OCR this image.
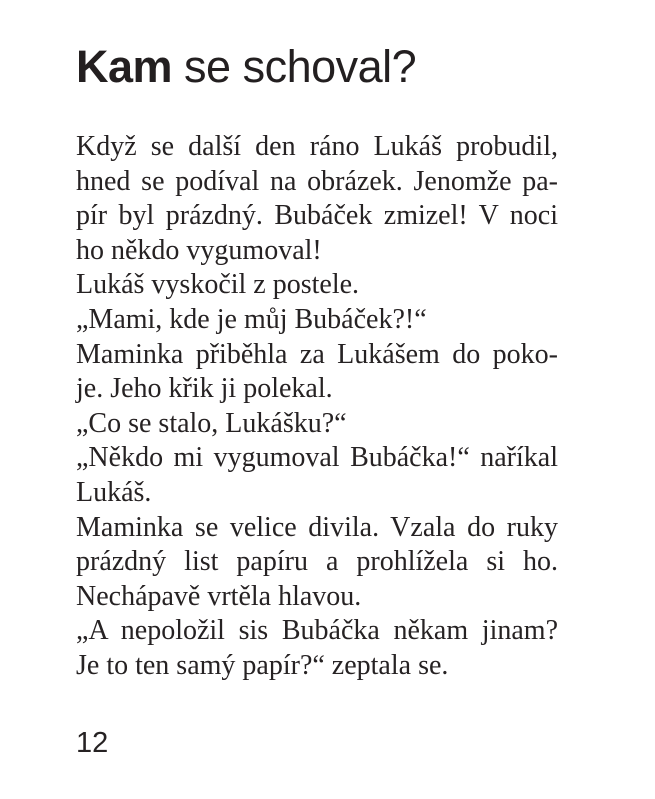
Kam se schoval?
Když se další den ráno Lukáš probudil,
hned se podíval na obrázek. Jenomže pa-
pír byl prázdný. Bubáček zmizel! V noci
ho někdo vygumoval!
Lukáš vyskočil z postele.
„Mami, kde je můj Bubáček?!“
Maminka přiběhla za Lukášem do poko-
je. Jeho křik ji polekal.
„Co se stalo, Lukášku?“
„Někdo mi vygumoval Bubáčka!“ naříkal
Lukáš.
Maminka se velice divila. Vzala do ruky
prázdný list papíru a prohlížela si ho.
Nechápavě vrtěla hlavou.
„A nepoložil sis Bubáčka někam jinam?
Je to ten samý papír?“ zeptala se.
12
